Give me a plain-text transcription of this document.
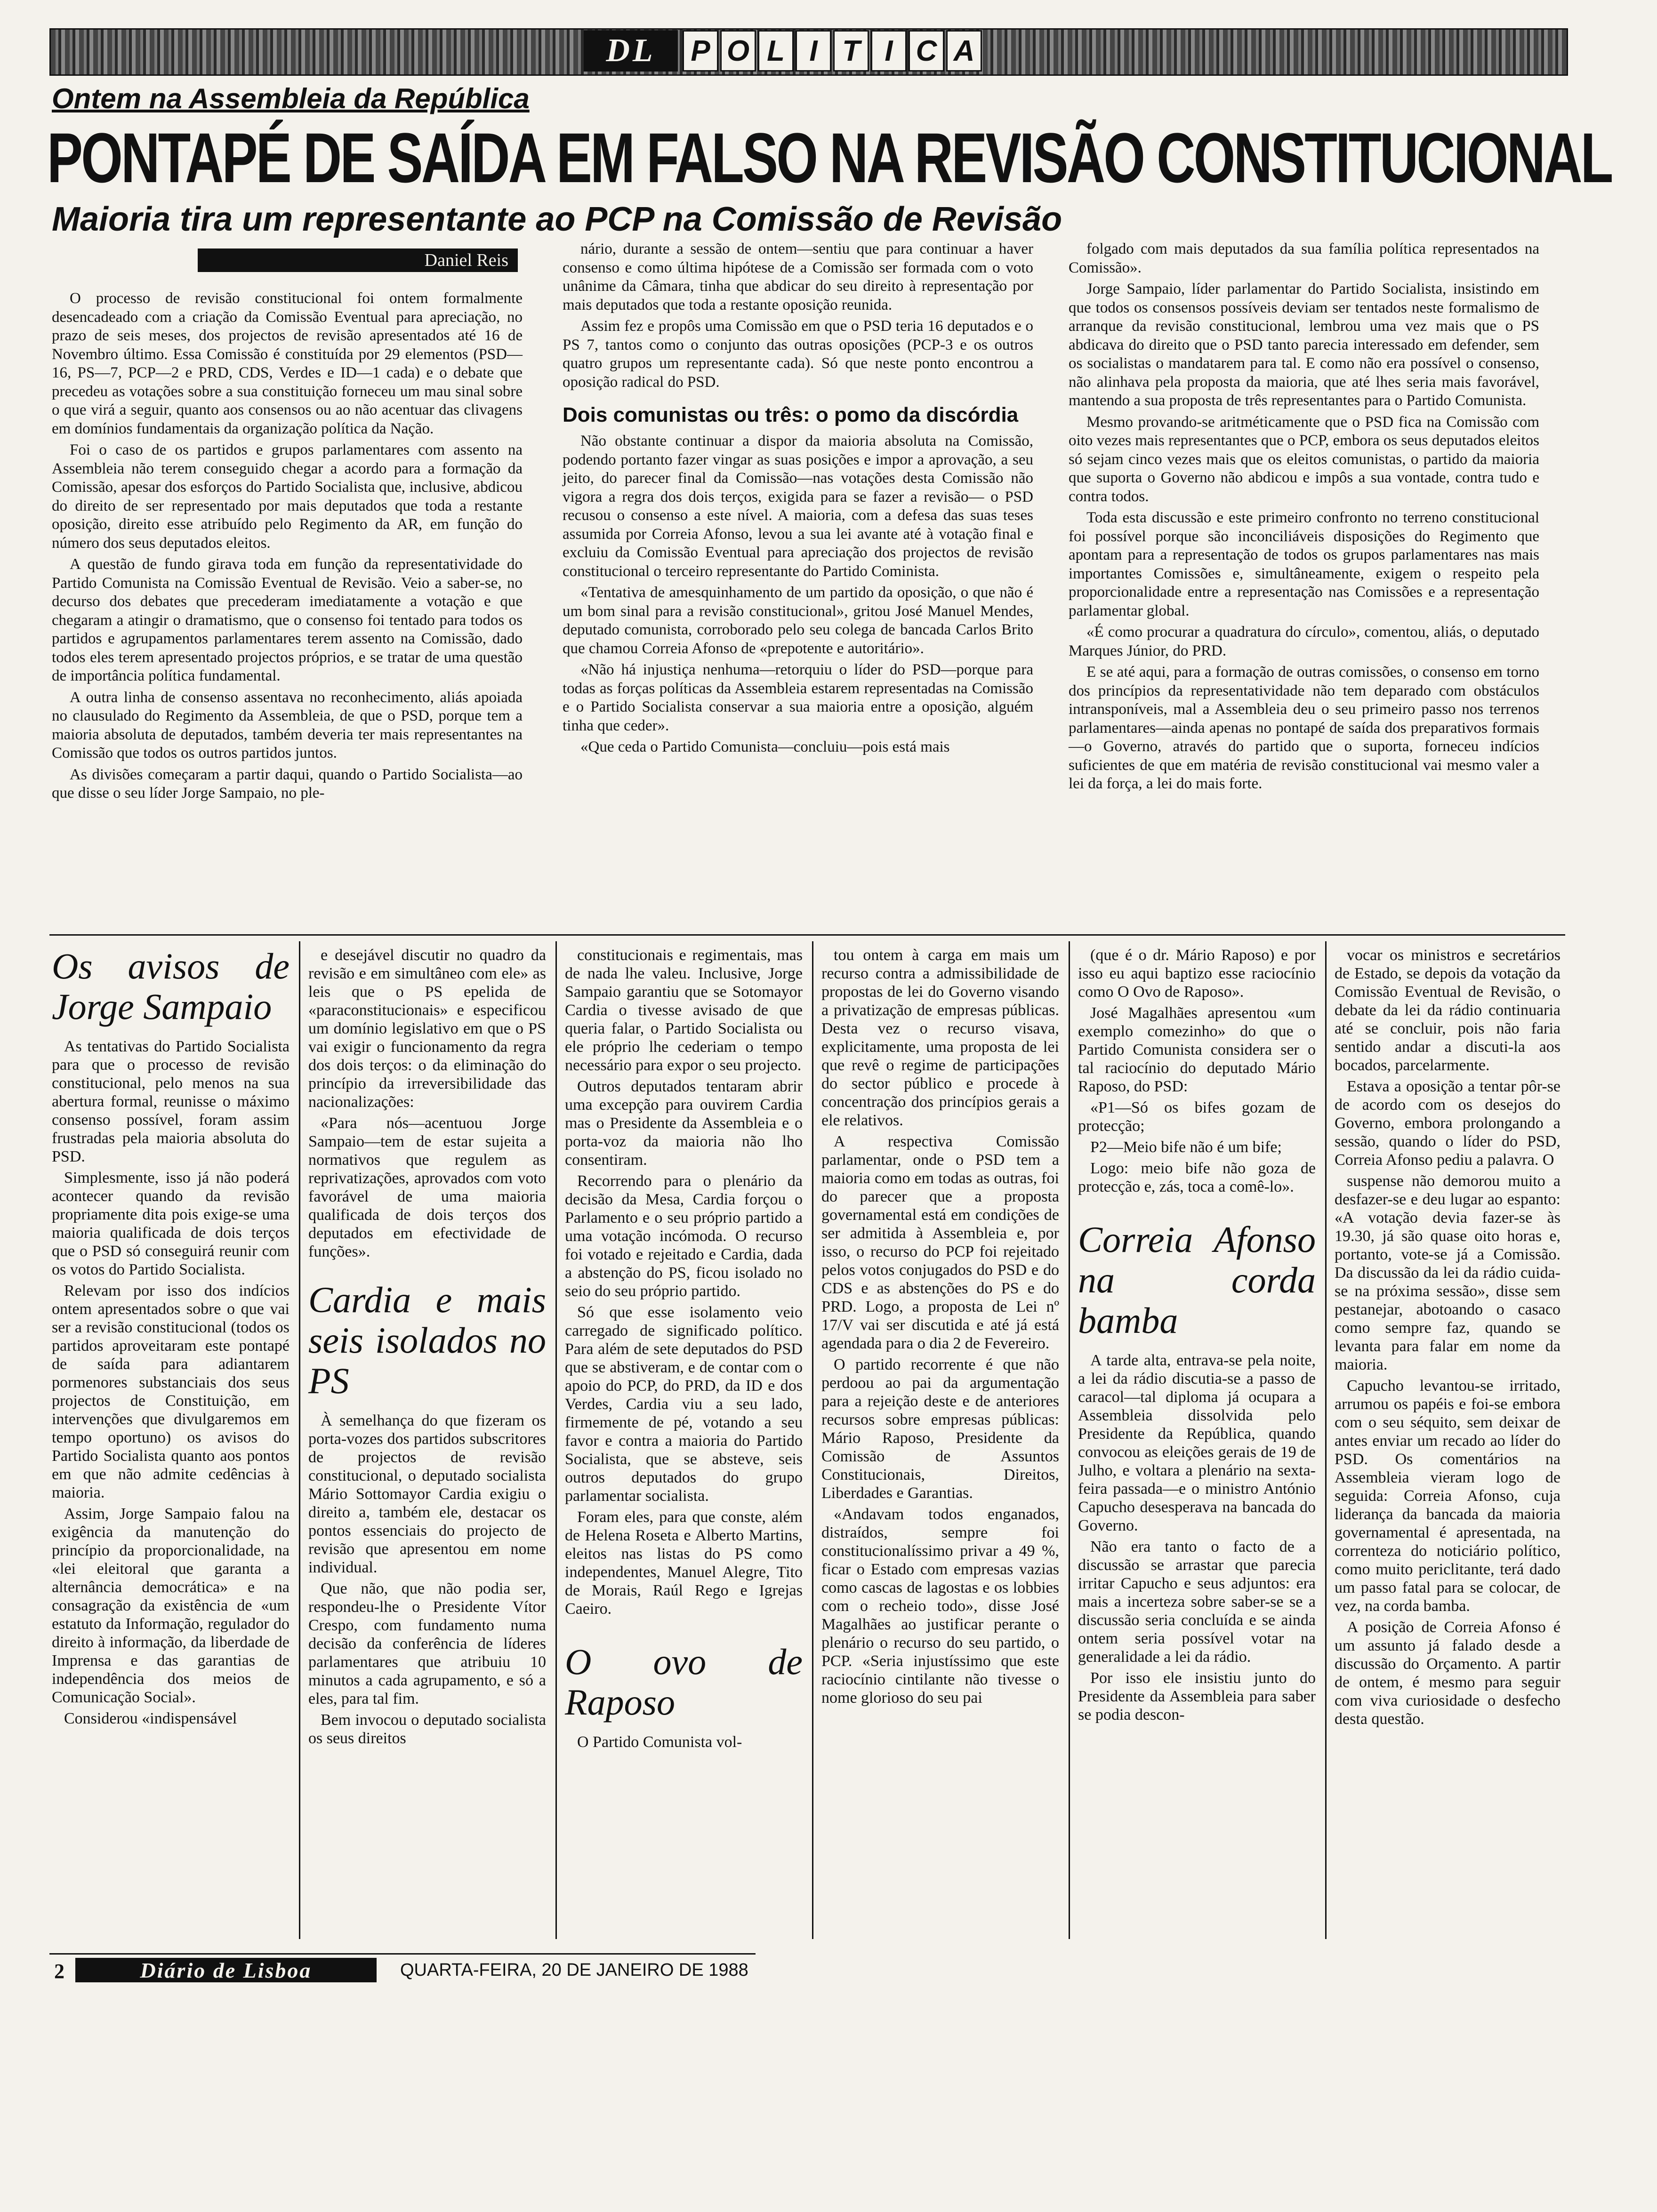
DL	P O L I T I C A
Ontem na Assembleia da República
PONTAPÉ DE SAÍDA EM FALSO NA REVISÃO CONSTITUCIONAL
Maioria tira um representante ao PCP na Comissão de Revisão
Daniel Reis

O processo de revisão constitucional foi ontem formalmente desencadeado com a criação da Comissão Eventual para apreciação, no prazo de seis meses, dos projectos de revisão apresentados até 16 de Novembro último. Essa Comissão é constituída por 29 elementos (PSD—16, PS—7, PCP—2 e PRD, CDS, Verdes e ID—1 cada) e o debate que precedeu as votações sobre a sua constituição forneceu um mau sinal sobre o que virá a seguir, quanto aos consensos ou ao não acentuar das clivagens em domínios fundamentais da organização política da Nação.

Foi o caso de os partidos e grupos parlamentares com assento na Assembleia não terem conseguido chegar a acordo para a formação da Comissão, apesar dos esforços do Partido Socialista que, inclusive, abdicou do direito de ser representado por mais deputados que toda a restante oposição, direito esse atribuído pelo Regimento da AR, em função do número dos seus deputados eleitos.

A questão de fundo girava toda em função da representatividade do Partido Comunista na Comissão Eventual de Revisão. Veio a saber-se, no decurso dos debates que precederam imediatamente a votação e que chegaram a atingir o dramatismo, que o consenso foi tentado para todos os partidos e agrupamentos parlamentares terem assento na Comissão, dado todos eles terem apresentado projectos próprios, e se tratar de uma questão de importância política fundamental.

A outra linha de consenso assentava no reconhecimento, aliás apoiada no clausulado do Regimento da Assembleia, de que o PSD, porque tem a maioria absoluta de deputados, também deveria ter mais representantes na Comissão que todos os outros partidos juntos.

As divisões começaram a partir daqui, quando o Partido Socialista—ao que disse o seu líder Jorge Sampaio, no ple-

nário, durante a sessão de ontem—sentiu que para continuar a haver consenso e como última hipótese de a Comissão ser formada com o voto unânime da Câmara, tinha que abdicar do seu direito à representação por mais deputados que toda a restante oposição reunida.

Assim fez e propôs uma Comissão em que o PSD teria 16 deputados e o PS 7, tantos como o conjunto das outras oposições (PCP-3 e os outros quatro grupos um representante cada). Só que neste ponto encontrou a oposição radical do PSD.

Dois comunistas ou três: o pomo da discórdia

Não obstante continuar a dispor da maioria absoluta na Comissão, podendo portanto fazer vingar as suas posições e impor a aprovação, a seu jeito, do parecer final da Comissão—nas votações desta Comissão não vigora a regra dos dois terços, exigida para se fazer a revisão— o PSD recusou o consenso a este nível. A maioria, com a defesa das suas teses assumida por Correia Afonso, levou a sua lei avante até à votação final e excluiu da Comissão Eventual para apreciação dos projectos de revisão constitucional o terceiro representante do Partido Cominista.

«Tentativa de amesquinhamento de um partido da oposição, o que não é um bom sinal para a revisão constitucional», gritou José Manuel Mendes, deputado comunista, corroborado pelo seu colega de bancada Carlos Brito que chamou Correia Afonso de «prepotente e autoritário».

«Não há injustiça nenhuma—retorquiu o líder do PSD—porque para todas as forças políticas da Assembleia estarem representadas na Comissão e o Partido Socialista conservar a sua maioria entre a oposição, alguém tinha que ceder».

«Que ceda o Partido Comunista—concluiu—pois está mais

folgado com mais deputados da sua família política representados na Comissão».

Jorge Sampaio, líder parlamentar do Partido Socialista, insistindo em que todos os consensos possíveis deviam ser tentados neste formalismo de arranque da revisão constitucional, lembrou uma vez mais que o PS abdicava do direito que o PSD tanto parecia interessado em defender, sem os socialistas o mandatarem para tal. E como não era possível o consenso, não alinhava pela proposta da maioria, que até lhes seria mais favorável, mantendo a sua proposta de três representantes para o Partido Comunista.

Mesmo provando-se aritméticamente que o PSD fica na Comissão com oito vezes mais representantes que o PCP, embora os seus deputados eleitos só sejam cinco vezes mais que os eleitos comunistas, o partido da maioria que suporta o Governo não abdicou e impôs a sua vontade, contra tudo e contra todos.

Toda esta discussão e este primeiro confronto no terreno constitucional foi possível porque são inconciliáveis disposições do Regimento que apontam para a representação de todos os grupos parlamentares nas mais importantes Comissões e, simultâneamente, exigem o respeito pela proporcionalidade entre a representação nas Comissões e a representação parlamentar global.

«É como procurar a quadratura do círculo», comentou, aliás, o deputado Marques Júnior, do PRD.

E se até aqui, para a formação de outras comissões, o consenso em torno dos princípios da representatividade não tem deparado com obstáculos intransponíveis, mal a Assembleia deu o seu primeiro passo nos terrenos parlamentares—ainda apenas no pontapé de saída dos preparativos formais—o Governo, através do partido que o suporta, forneceu indícios suficientes de que em matéria de revisão constitucional vai mesmo valer a lei da força, a lei do mais forte.

Os avisos de Jorge Sampaio

As tentativas do Partido Socialista para que o processo de revisão constitucional, pelo menos na sua abertura formal, reunisse o máximo consenso possível, foram assim frustradas pela maioria absoluta do PSD.

Simplesmente, isso já não poderá acontecer quando da revisão propriamente dita pois exige-se uma maioria qualificada de dois terços que o PSD só conseguirá reunir com os votos do Partido Socialista.

Relevam por isso dos indícios ontem apresentados sobre o que vai ser a revisão constitucional (todos os partidos aproveitaram este pontapé de saída para adiantarem pormenores substanciais dos seus projectos de Constituição, em intervenções que divulgaremos em tempo oportuno) os avisos do Partido Socialista quanto aos pontos em que não admite cedências à maioria.

Assim, Jorge Sampaio falou na exigência da manutenção do princípio da proporcionalidade, na «lei eleitoral que garanta a alternância democrática» e na consagração da existência de «um estatuto da Informação, regulador do direito à informação, da liberdade de Imprensa e das garantias de independência dos meios de Comunicação Social».

Considerou «indispensável

e desejável discutir no quadro da revisão e em simultâneo com ele» as leis que o PS epelida de «paraconstitucionais» e especificou um domínio legislativo em que o PS vai exigir o funcionamento da regra dos dois terços: o da eliminação do princípio da irreversibilidade das nacionalizações:

«Para nós—acentuou Jorge Sampaio—tem de estar sujeita a normativos que regulem as reprivatizações, aprovados com voto favorável de uma maioria qualificada de dois terços dos deputados em efectividade de funções».

Cardia e mais seis isolados no PS

À semelhança do que fizeram os porta-vozes dos partidos subscritores de projectos de revisão constitucional, o deputado socialista Mário Sottomayor Cardia exigiu o direito a, também ele, destacar os pontos essenciais do projecto de revisão que apresentou em nome individual.

Que não, que não podia ser, respondeu-lhe o Presidente Vítor Crespo, com fundamento numa decisão da conferência de líderes parlamentares que atribuiu 10 minutos a cada agrupamento, e só a eles, para tal fim.

Bem invocou o deputado socialista os seus direitos

constitucionais e regimentais, mas de nada lhe valeu. Inclusive, Jorge Sampaio garantiu que se Sotomayor Cardia o tivesse avisado de que queria falar, o Partido Socialista ou ele próprio lhe cederiam o tempo necessário para expor o seu projecto.

Outros deputados tentaram abrir uma excepção para ouvirem Cardia mas o Presidente da Assembleia e o porta-voz da maioria não lho consentiram.

Recorrendo para o plenário da decisão da Mesa, Cardia forçou o Parlamento e o seu próprio partido a uma votação incómoda. O recurso foi votado e rejeitado e Cardia, dada a abstenção do PS, ficou isolado no seio do seu próprio partido.

Só que esse isolamento veio carregado de significado político. Para além de sete deputados do PSD que se abstiveram, e de contar com o apoio do PCP, do PRD, da ID e dos Verdes, Cardia viu a seu lado, firmemente de pé, votando a seu favor e contra a maioria do Partido Socialista, que se absteve, seis outros deputados do grupo parlamentar socialista.

Foram eles, para que conste, além de Helena Roseta e Alberto Martins, eleitos nas listas do PS como independentes, Manuel Alegre, Tito de Morais, Raúl Rego e Igrejas Caeiro.

O ovo de Raposo

O Partido Comunista vol-

tou ontem à carga em mais um recurso contra a admissibilidade de propostas de lei do Governo visando a privatização de empresas públicas. Desta vez o recurso visava, explicitamente, uma proposta de lei que revê o regime de participações do sector público e procede à concentração dos princípios gerais a ele relativos.

A respectiva Comissão parlamentar, onde o PSD tem a maioria como em todas as outras, foi do parecer que a proposta governamental está em condições de ser admitida à Assembleia e, por isso, o recurso do PCP foi rejeitado pelos votos conjugados do PSD e do CDS e as abstenções do PS e do PRD. Logo, a proposta de Lei nº 17/V vai ser discutida e até já está agendada para o dia 2 de Fevereiro.

O partido recorrente é que não perdoou ao pai da argumentação para a rejeição deste e de anteriores recursos sobre empresas públicas: Mário Raposo, Presidente da Comissão de Assuntos Constitucionais, Direitos, Liberdades e Garantias.

«Andavam todos enganados, distraídos, sempre foi constitucionalíssimo privar a 49 %, ficar o Estado com empresas vazias como cascas de lagostas e os lobbies com o recheio todo», disse José Magalhães ao justificar perante o plenário o recurso do seu partido, o PCP. «Seria injustíssimo que este raciocínio cintilante não tivesse o nome glorioso do seu pai

(que é o dr. Mário Raposo) e por isso eu aqui baptizo esse raciocínio como O Ovo de Raposo».

José Magalhães apresentou «um exemplo comezinho» do que o Partido Comunista considera ser o tal raciocínio do deputado Mário Raposo, do PSD:

«P1—Só os bifes gozam de protecção;

P2—Meio bife não é um bife;

Logo: meio bife não goza de protecção e, zás, toca a comê-lo».

Correia Afonso na corda bamba

A tarde alta, entrava-se pela noite, a lei da rádio discutia-se a passo de caracol—tal diploma já ocupara a Assembleia dissolvida pelo Presidente da República, quando convocou as eleições gerais de 19 de Julho, e voltara a plenário na sexta-feira passada—e o ministro António Capucho desesperava na bancada do Governo.

Não era tanto o facto de a discussão se arrastar que parecia irritar Capucho e seus adjuntos: era mais a incerteza sobre saber-se se a discussão seria concluída e se ainda ontem seria possível votar na generalidade a lei da rádio.

Por isso ele insistiu junto do Presidente da Assembleia para saber se podia descon-

vocar os ministros e secretários de Estado, se depois da votação da Comissão Eventual de Revisão, o debate da lei da rádio continuaria até se concluir, pois não faria sentido andar a discuti-la aos bocados, parcelarmente.

Estava a oposição a tentar pôr-se de acordo com os desejos do Governo, embora prolongando a sessão, quando o líder do PSD, Correia Afonso pediu a palavra. O

suspense não demorou muito a desfazer-se e deu lugar ao espanto: «A votação devia fazer-se às 19.30, já são quase oito horas e, portanto, vote-se já a Comissão. Da discussão da lei da rádio cuida-se na próxima sessão», disse sem pestanejar, abotoando o casaco como sempre faz, quando se levanta para falar em nome da maioria.

Capucho levantou-se irritado, arrumou os papéis e foi-se embora com o seu séquito, sem deixar de antes enviar um recado ao líder do PSD. Os comentários na Assembleia vieram logo de seguida: Correia Afonso, cuja liderança da bancada da maioria governamental é apresentada, na correnteza do noticiário político, como muito periclitante, terá dado um passo fatal para se colocar, de vez, na corda bamba.

A posição de Correia Afonso é um assunto já falado desde a discussão do Orçamento. A partir de ontem, é mesmo para seguir com viva curiosidade o desfecho desta questão.

2	Diário de Lisboa	QUARTA-FEIRA, 20 DE JANEIRO DE 1988
